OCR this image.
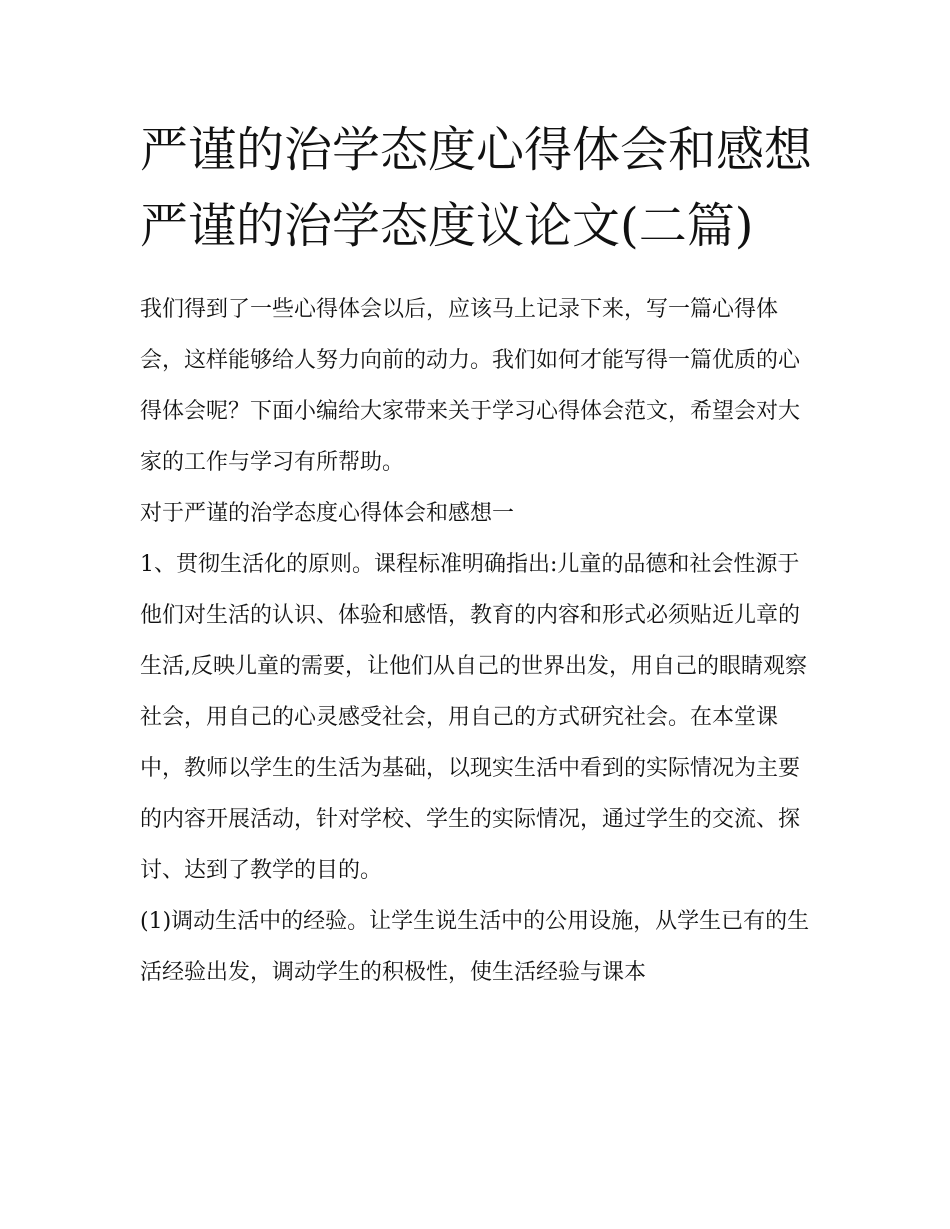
严谨的治学态度心得体会和感想 严谨的治学态度议论文(二篇)

我们得到了一些心得体会以后，应该马上记录下来，写一篇心得体会，这样能够给人努力向前的动力。我们如何才能写得一篇优质的心得体会呢？下面小编给大家带来关于学习心得体会范文，希望会对大家的工作与学习有所帮助。

对于严谨的治学态度心得体会和感想一

1、贯彻生活化的原则。课程标准明确指出:儿童的品德和社会性源于他们对生活的认识、体验和感悟，教育的内容和形式必须贴近儿章的生活,反映儿童的需要，让他们从自己的世界出发，用自己的眼睛观察社会，用自己的心灵感受社会，用自己的方式研究社会。在本堂课中，教师以学生的生活为基础，以现实生活中看到的实际情况为主要的内容开展活动，针对学校、学生的实际情况，通过学生的交流、探讨、达到了教学的目的。

(1)调动生活中的经验。让学生说生活中的公用设施，从学生已有的生活经验出发，调动学生的积极性，使生活经验与课本
